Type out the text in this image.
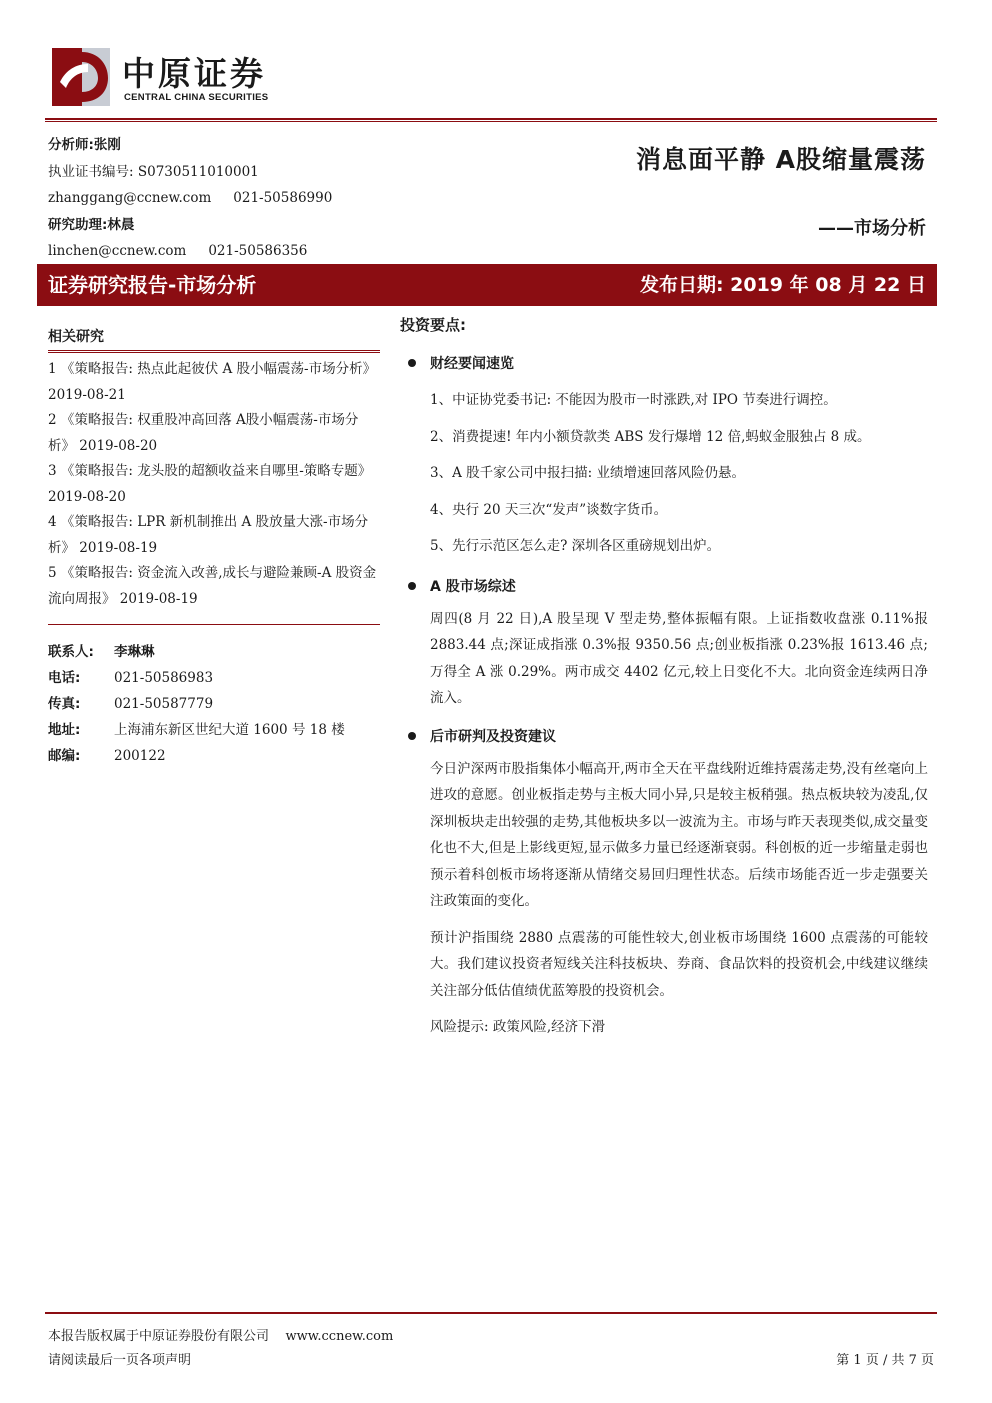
中原证券
CENTRAL CHINA SECURITIES
分析师:张刚
执业证书编号: S0730511010001
zhanggang@ccnew.com 021-50586990
研究助理:林晨
linchen@ccnew.com 021-50586356
消息面平静 A股缩量震荡
——市场分析
证券研究报告-市场分析	发布日期: 2019 年 08 月 22 日
相关研究
1 《策略报告: 热点此起彼伏 A 股小幅震荡-市场分析》 2019-08-21
2 《策略报告: 权重股冲高回落 A股小幅震荡-市场分析》 2019-08-20
3 《策略报告: 龙头股的超额收益来自哪里-策略专题》 2019-08-20
4 《策略报告: LPR 新机制推出 A 股放量大涨-市场分析》 2019-08-19
5 《策略报告: 资金流入改善,成长与避险兼顾-A 股资金流向周报》 2019-08-19
联系人:	李琳琳
电话:	021-50586983
传真:	021-50587779
地址:	上海浦东新区世纪大道 1600 号 18 楼
邮编:	200122
投资要点:
财经要闻速览
1、中证协党委书记: 不能因为股市一时涨跌,对 IPO 节奏进行调控。
2、消费提速! 年内小额贷款类 ABS 发行爆增 12 倍,蚂蚁金服独占 8 成。
3、A 股千家公司中报扫描: 业绩增速回落风险仍悬。
4、央行 20 天三次“发声”谈数字货币。
5、先行示范区怎么走? 深圳各区重磅规划出炉。
A 股市场综述

周四(8 月 22 日),A 股呈现 V 型走势,整体振幅有限。上证指数收盘涨 0.11%报 2883.44 点;深证成指涨 0.3%报 9350.56 点;创业板指涨 0.23%报 1613.46 点;万得全 A 涨 0.29%。两市成交 4402 亿元,较上日变化不大。北向资金连续两日净流入。

后市研判及投资建议

今日沪深两市股指集体小幅高开,两市全天在平盘线附近维持震荡走势,没有丝毫向上进攻的意愿。创业板指走势与主板大同小异,只是较主板稍强。热点板块较为凌乱,仅深圳板块走出较强的走势,其他板块多以一波流为主。市场与昨天表现类似,成交量变化也不大,但是上影线更短,显示做多力量已经逐渐衰弱。科创板的近一步缩量走弱也预示着科创板市场将逐渐从情绪交易回归理性状态。后续市场能否近一步走强要关注政策面的变化。

预计沪指围绕 2880 点震荡的可能性较大,创业板市场围绕 1600 点震荡的可能较大。我们建议投资者短线关注科技板块、券商、食品饮料的投资机会,中线建议继续关注部分低估值绩优蓝筹股的投资机会。

风险提示: 政策风险,经济下滑

本报告版权属于中原证券股份有限公司 www.ccnew.com
请阅读最后一页各项声明	第 1 页 / 共 7 页
